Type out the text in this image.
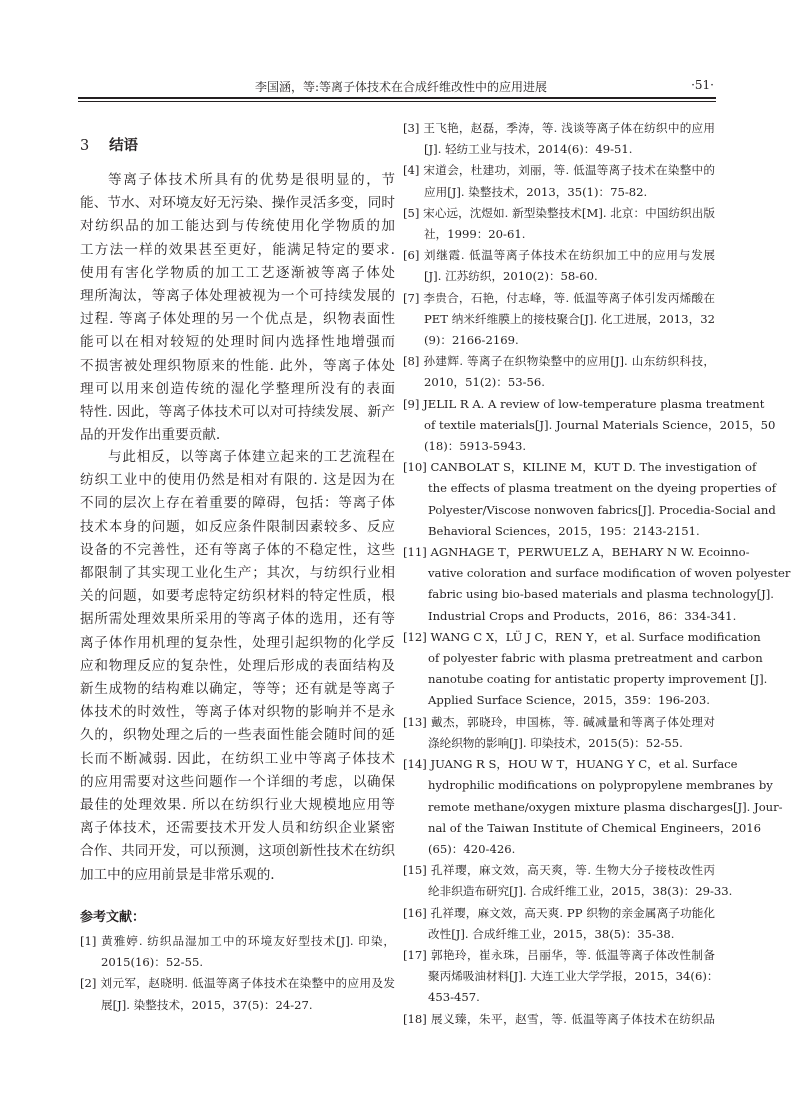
李国涵，等:等离子体技术在合成纤维改性中的应用进展	·51·
3 结语
等离子体技术所具有的优势是很明显的，节
能、节水、对环境友好无污染、操作灵活多变，同时
对纺织品的加工能达到与传统使用化学物质的加
工方法一样的效果甚至更好，能满足特定的要求.
使用有害化学物质的加工工艺逐渐被等离子体处
理所淘汰，等离子体处理被视为一个可持续发展的
过程. 等离子体处理的另一个优点是，织物表面性
能可以在相对较短的处理时间内选择性地增强而
不损害被处理织物原来的性能. 此外，等离子体处
理可以用来创造传统的湿化学整理所没有的表面
特性. 因此，等离子体技术可以对可持续发展、新产
品的开发作出重要贡献.
与此相反，以等离子体建立起来的工艺流程在
纺织工业中的使用仍然是相对有限的. 这是因为在
不同的层次上存在着重要的障碍，包括：等离子体
技术本身的问题，如反应条件限制因素较多、反应
设备的不完善性，还有等离子体的不稳定性，这些
都限制了其实现工业化生产；其次，与纺织行业相
关的问题，如要考虑特定纺织材料的特定性质，根
据所需处理效果所采用的等离子体的选用，还有等
离子体作用机理的复杂性，处理引起织物的化学反
应和物理反应的复杂性，处理后形成的表面结构及
新生成物的结构难以确定，等等；还有就是等离子
体技术的时效性，等离子体对织物的影响并不是永
久的，织物处理之后的一些表面性能会随时间的延
长而不断减弱. 因此，在纺织工业中等离子体技术
的应用需要对这些问题作一个详细的考虑，以确保
最佳的处理效果. 所以在纺织行业大规模地应用等
离子体技术，还需要技术开发人员和纺织企业紧密
合作、共同开发，可以预测，这项创新性技术在纺织
加工中的应用前景是非常乐观的.
参考文献：
[1] 黄雅婷. 纺织品湿加工中的环境友好型技术[J]. 印染，
2015(16)：52-55.
[2] 刘元军，赵晓明. 低温等离子体技术在染整中的应用及发
展[J]. 染整技术，2015，37(5)：24-27.
[3] 王飞艳，赵磊，季涛，等. 浅谈等离子体在纺织中的应用
[J]. 轻纺工业与技术，2014(6)：49-51.
[4] 宋道会，杜建功，刘丽，等. 低温等离子技术在染整中的
应用[J]. 染整技术，2013，35(1)：75-82.
[5] 宋心远，沈煜如. 新型染整技术[M]. 北京：中国纺织出版
社，1999：20-61.
[6] 刘继霞. 低温等离子体技术在纺织加工中的应用与发展
[J]. 江苏纺织，2010(2)：58-60.
[7] 李贵合，石艳，付志峰，等. 低温等离子体引发丙烯酸在
PET 纳米纤维膜上的接枝聚合[J]. 化工进展，2013，32
(9)：2166-2169.
[8] 孙建辉. 等离子在织物染整中的应用[J]. 山东纺织科技，
2010，51(2)：53-56.
[9] JELIL R A. A review of low-temperature plasma treatment
of textile materials[J]. Journal Materials Science，2015，50
(18)：5913-5943.
[10] CANBOLAT S，KILINE M，KUT D. The investigation of
the effects of plasma treatment on the dyeing properties of
Polyester/Viscose nonwoven fabrics[J]. Procedia-Social and
Behavioral Sciences，2015，195：2143-2151.
[11] AGNHAGE T，PERWUELZ A，BEHARY N W. Ecoinno-
vative coloration and surface modification of woven polyester
fabric using bio-based materials and plasma technology[J].
Industrial Crops and Products，2016，86：334-341.
[12] WANG C X，LÜ J C，REN Y，et al. Surface modification
of polyester fabric with plasma pretreatment and carbon
nanotube coating for antistatic property improvement [J].
Applied Surface Science，2015，359：196-203.
[13] 戴杰，郭晓玲，申国栋，等. 碱减量和等离子体处理对
涤纶织物的影响[J]. 印染技术，2015(5)：52-55.
[14] JUANG R S，HOU W T，HUANG Y C，et al. Surface
hydrophilic modifications on polypropylene membranes by
remote methane/oxygen mixture plasma discharges[J]. Jour-
nal of the Taiwan Institute of Chemical Engineers，2016
(65)：420-426.
[15] 孔祥璎，麻文效，高天爽，等. 生物大分子接枝改性丙
纶非织造布研究[J]. 合成纤维工业，2015，38(3)：29-33.
[16] 孔祥璎，麻文效，高天爽. PP 织物的亲金属离子功能化
改性[J]. 合成纤维工业，2015，38(5)：35-38.
[17] 郭艳玲，崔永珠，吕丽华，等. 低温等离子体改性制备
聚丙烯吸油材料[J]. 大连工业大学学报，2015，34(6)：
453-457.
[18] 展义臻，朱平，赵雪，等. 低温等离子体技术在纺织品
